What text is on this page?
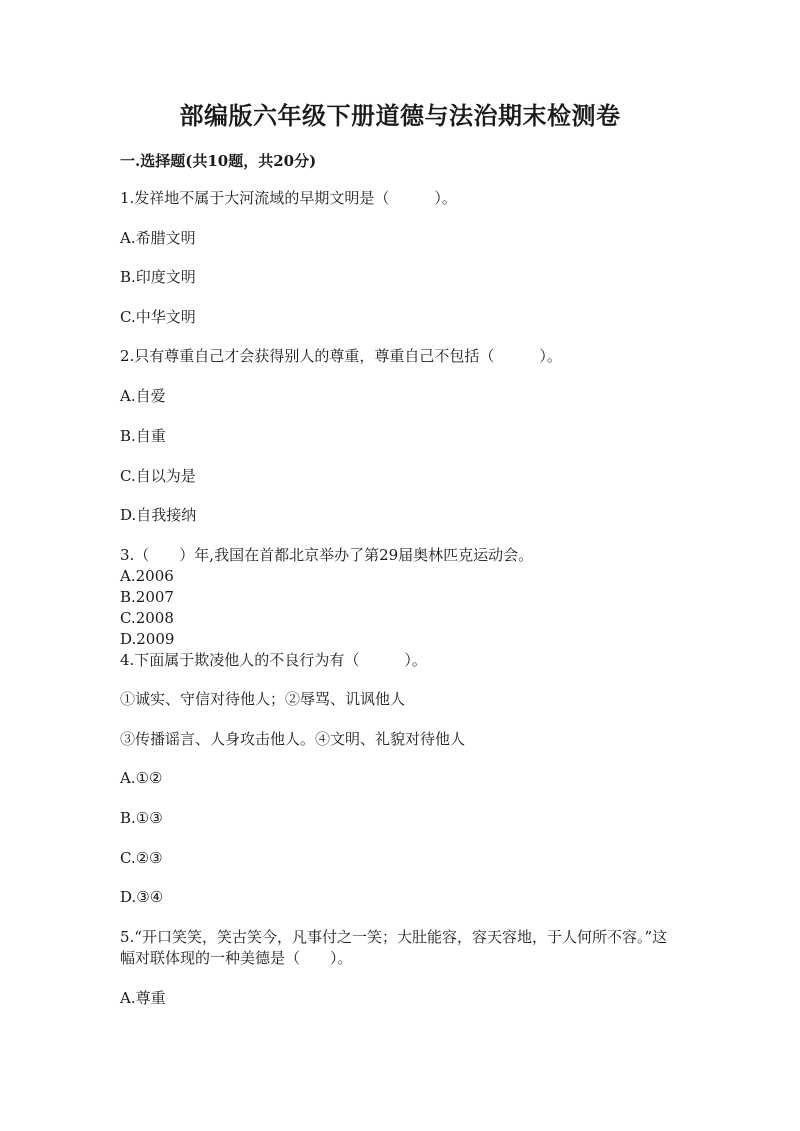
部编版六年级下册道德与法治期末检测卷
一.选择题(共10题，共20分)
1.发祥地不属于大河流域的早期文明是（　　　）。
A.希腊文明
B.印度文明
C.中华文明
2.只有尊重自己才会获得别人的尊重，尊重自己不包括（　　　）。
A.自爱
B.自重
C.自以为是
D.自我接纳
3.（　　）年,我国在首都北京举办了第29届奥林匹克运动会。
A.2006
B.2007
C.2008
D.2009
4.下面属于欺凌他人的不良行为有（　　　）。
①诚实、守信对待他人；②辱骂、讥讽他人
③传播谣言、人身攻击他人。④文明、礼貌对待他人
A.①②
B.①③
C.②③
D.③④
5.“开口笑笑，笑古笑今，凡事付之一笑；大肚能容，容天容地，于人何所不容。”这幅对联体现的一种美德是（　　）。
A.尊重
